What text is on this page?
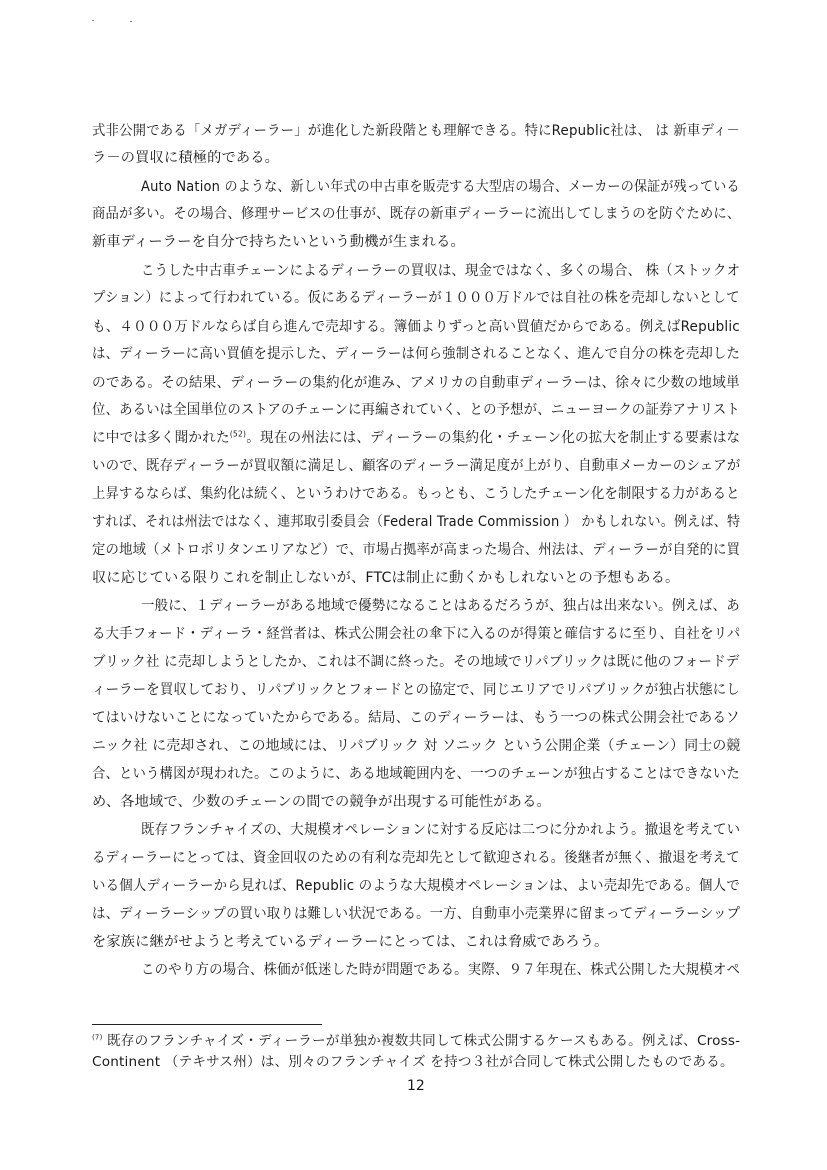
式非公開である「メガディーラー」が進化した新段階とも理解できる。特にRepublic社は、 は 新車ディ－
ラ－の買収に積極的である。
Auto Nation のような、新しい年式の中古車を販売する大型店の場合、メーカーの保証が残っている
商品が多い。その場合、修理サービスの仕事が、既存の新車ディーラーに流出してしまうのを防ぐために、
新車ディーラーを自分で持ちたいという動機が生まれる。
こうした中古車チェーンによるディーラーの買収は、現金ではなく、多くの場合、 株（ストックオ
プション）によって行われている。仮にあるディーラーが１０００万ドルでは自社の株を売却しないとして
も、４０００万ドルならば自ら進んで売却する。簿価よりずっと高い買値だからである。例えばRepublic
は、ディーラーに高い買値を提示した、ディーラーは何ら強制されることなく、進んで自分の株を売却した
のである。その結果、ディーラーの集約化が進み、アメリカの自動車ディーラーは、徐々に少数の地域単
位、あるいは全国単位のストアのチェーンに再編されていく、との予想が、ニューヨークの証券アナリスト
に中では多く聞かれた$^{(52)}$。現在の州法には、ディーラーの集約化・チェーン化の拡大を制止する要素はな
いので、既存ディーラーが買収額に満足し、顧客のディーラー満足度が上がり、自動車メーカーのシェアが
上昇するならば、集約化は続く、というわけである。もっとも、こうしたチェーン化を制限する力があると
すれば、それは州法ではなく、連邦取引委員会（Federal Trade Commission ） かもしれない。例えば、特
定の地域（メトロポリタンエリアなど）で、市場占拠率が高まった場合、州法は、ディーラーが自発的に買
収に応じている限りこれを制止しないが、FTCは制止に動くかもしれないとの予想もある。
一般に、１ディーラーがある地域で優勢になることはあるだろうが、独占は出来ない。例えば、あ
る大手フォード・ディーラ・経営者は、株式公開会社の傘下に入るのが得策と確信するに至り、自社をリパ
ブリック社 に売却しようとしたか、これは不調に終った。その地域でリパブリックは既に他のフォードデ
ィーラーを買収しており、リパブリックとフォードとの協定で、同じエリアでリパブリックが独占状態にし
てはいけないことになっていたからである。結局、このディーラーは、もう一つの株式公開会社であるソ
ニック社 に売却され、この地域には、リパブリック 対 ソニック という公開企業（チェーン）同士の競
合、という構図が現われた。このように、ある地域範囲内を、一つのチェーンが独占することはできないた
め、各地域で、少数のチェーンの間での競争が出現する可能性がある。
既存フランチャイズの、大規模オペレーションに対する反応は二つに分かれよう。撤退を考えてい
るディーラーにとっては、資金回収のための有利な売却先として歓迎される。後継者が無く、撤退を考えて
いる個人ディーラーから見れば、Republic のような大規模オペレーションは、よい売却先である。個人で
は、ディーラーシップの買い取りは難しい状況である。一方、自動車小売業界に留まってディーラーシップ
を家族に継がせようと考えているディーラーにとっては、これは脅威であろう。
このやり方の場合、株価が低迷した時が問題である。実際、９７年現在、株式公開した大規模オペ
$^{(7)}$ 既存のフランチャイズ・ディーラーが単独か複数共同して株式公開するケースもある。例えば、Cross-
Continent （テキサス州）は、別々のフランチャイズ を持つ３社が合同して株式公開したものである。
12
